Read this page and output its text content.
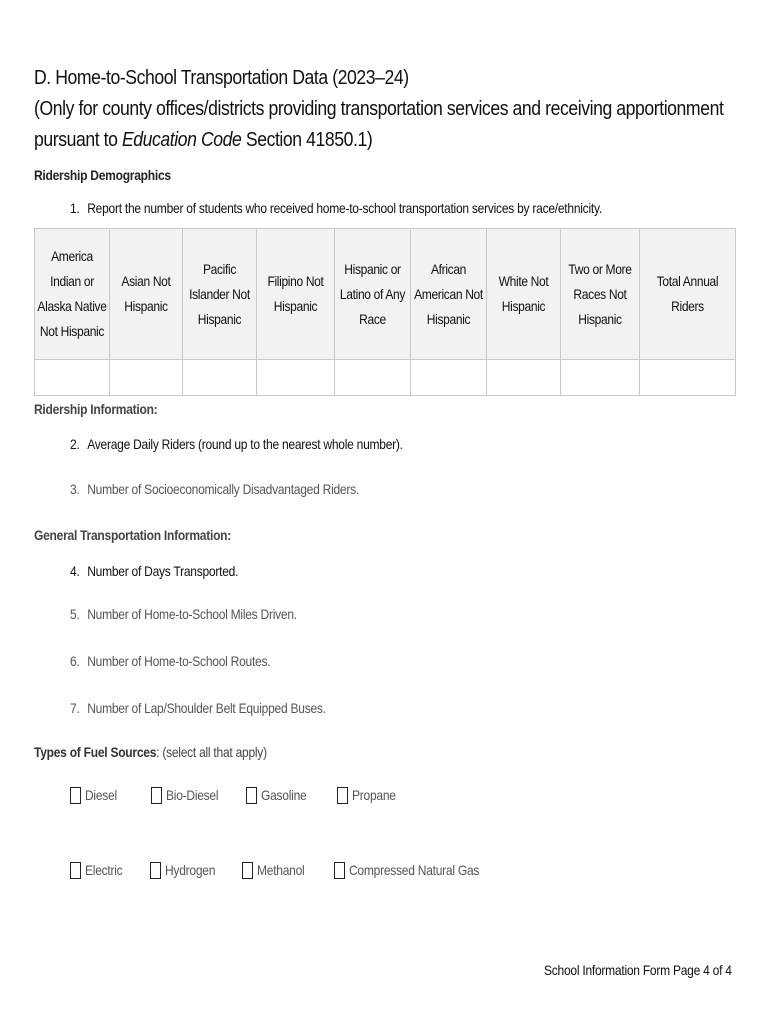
D. Home-to-School Transportation Data (2023–24)
(Only for county offices/districts providing transportation services and receiving apportionment
pursuant to Education Code Section 41850.1)
Ridership Demographics
1. Report the number of students who received home-to-school transportation services by race/ethnicity.
America Indian or Alaska Native Not Hispanic	Asian Not Hispanic	Pacific Islander Not Hispanic	Filipino Not Hispanic	Hispanic or Latino of Any Race	African American Not Hispanic	White Not Hispanic	Two or More Races Not Hispanic	Total Annual Riders

Ridership Information:
2. Average Daily Riders (round up to the nearest whole number).
3. Number of Socioeconomically Disadvantaged Riders.
General Transportation Information:
4. Number of Days Transported.
5. Number of Home-to-School Miles Driven.
6. Number of Home-to-School Routes.
7. Number of Lap/Shoulder Belt Equipped Buses.
Types of Fuel Sources: (select all that apply)
Diesel	Bio-Diesel	Gasoline	Propane
Electric	Hydrogen	Methanol	Compressed Natural Gas
School Information Form Page 4 of 4
